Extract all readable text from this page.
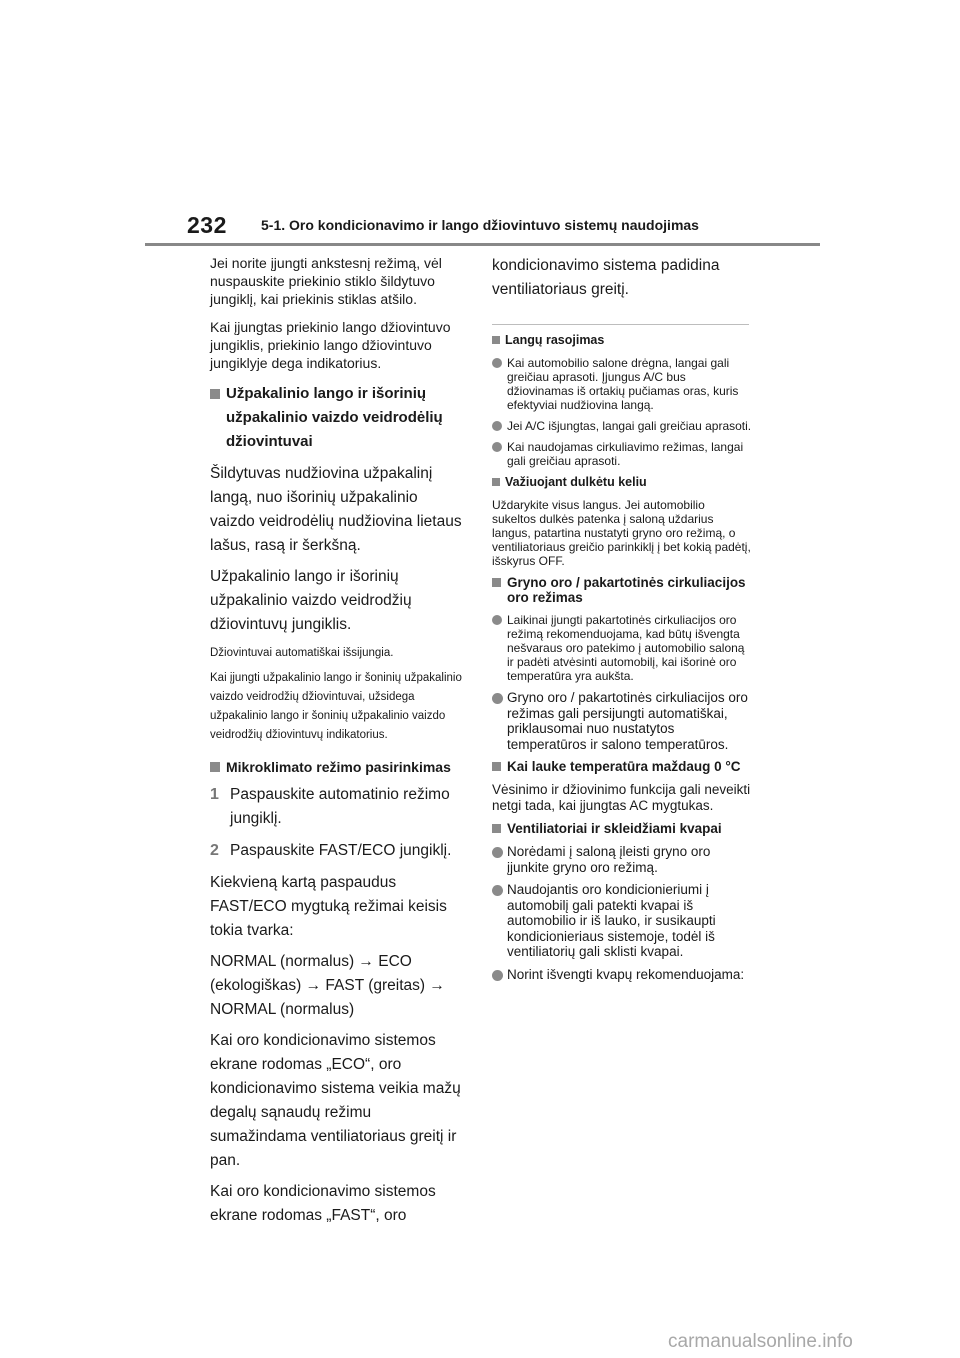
232 5-1. Oro kondicionavimo ir lango džiovintuvo sistemų naudojimas

Jei norite įjungti ankstesnį režimą, vėl nuspauskite priekinio stiklo šildytuvo jungiklį, kai priekinis stiklas atšilo.

Kai įjungtas priekinio lango džiovintuvo jungiklis, priekinio lango džiovintuvo jungiklyje dega indikatorius.

Užpakalinio lango ir išorinių užpakalinio vaizdo veidrodėlių džiovintuvai

Šildytuvas nudžiovina užpakalinį langą, nuo išorinių užpakalinio vaizdo veidrodėlių nudžiovina lietaus lašus, rasą ir šerkšną.

Užpakalinio lango ir išorinių užpakalinio vaizdo veidrodžių džiovintuvų jungiklis.

Džiovintuvai automatiškai išsijungia.

Kai įjungti užpakalinio lango ir šoninių užpakalinio vaizdo veidrodžių džiovintuvai, užsidega užpakalinio lango ir šoninių užpakalinio vaizdo veidrodžių džiovintuvų indikatorius.

Mikroklimato režimo pasirinkimas
1 Paspauskite automatinio režimo jungiklį.
2 Paspauskite FAST/ECO jungiklį.

Kiekvieną kartą paspaudus FAST/ECO mygtuką režimai keisis tokia tvarka:

NORMAL (normalus) → ECO (ekologiškas) → FAST (greitas) → NORMAL (normalus)

Kai oro kondicionavimo sistemos ekrane rodomas „ECO“, oro kondicionavimo sistema veikia mažų degalų sąnaudų režimu sumažindama ventiliatoriaus greitį ir pan.

Kai oro kondicionavimo sistemos ekrane rodomas „FAST“, oro

kondicionavimo sistema padidina ventiliatoriaus greitį.

Langų rasojimas
Kai automobilio salone drėgna, langai gali greičiau aprasoti. Įjungus A/C bus džiovinamas iš ortakių pučiamas oras, kuris efektyviai nudžiovina langą.
Jei A/C išjungtas, langai gali greičiau aprasoti.
Kai naudojamas cirkuliavimo režimas, langai gali greičiau aprasoti.
Važiuojant dulkėtu keliu

Uždarykite visus langus. Jei automobilio sukeltos dulkės patenka į saloną uždarius langus, patartina nustatyti gryno oro režimą, o ventiliatoriaus greičio parinkiklį į bet kokią padėtį, išskyrus OFF.

Gryno oro / pakartotinės cirkuliacijos oro režimas
Laikinai įjungti pakartotinės cirkuliacijos oro režimą rekomenduojama, kad būtų išvengta nešvaraus oro patekimo į automobilio saloną ir padėti atvėsinti automobilį, kai išorinė oro temperatūra yra aukšta.
Gryno oro / pakartotinės cirkuliacijos oro režimas gali persijungti automatiškai, priklausomai nuo nustatytos temperatūros ir salono temperatūros.
Kai lauke temperatūra maždaug 0 °C

Vėsinimo ir džiovinimo funkcija gali neveikti netgi tada, kai įjungtas AC mygtukas.

Ventiliatoriai ir skleidžiami kvapai
Norėdami į saloną įleisti gryno oro įjunkite gryno oro režimą.
Naudojantis oro kondicionieriumi į automobilį gali patekti kvapai iš automobilio ir iš lauko, ir susikaupti kondicionieriaus sistemoje, todėl iš ventiliatorių gali sklisti kvapai.
Norint išvengti kvapų rekomenduojama:
carmanualsonline.info
